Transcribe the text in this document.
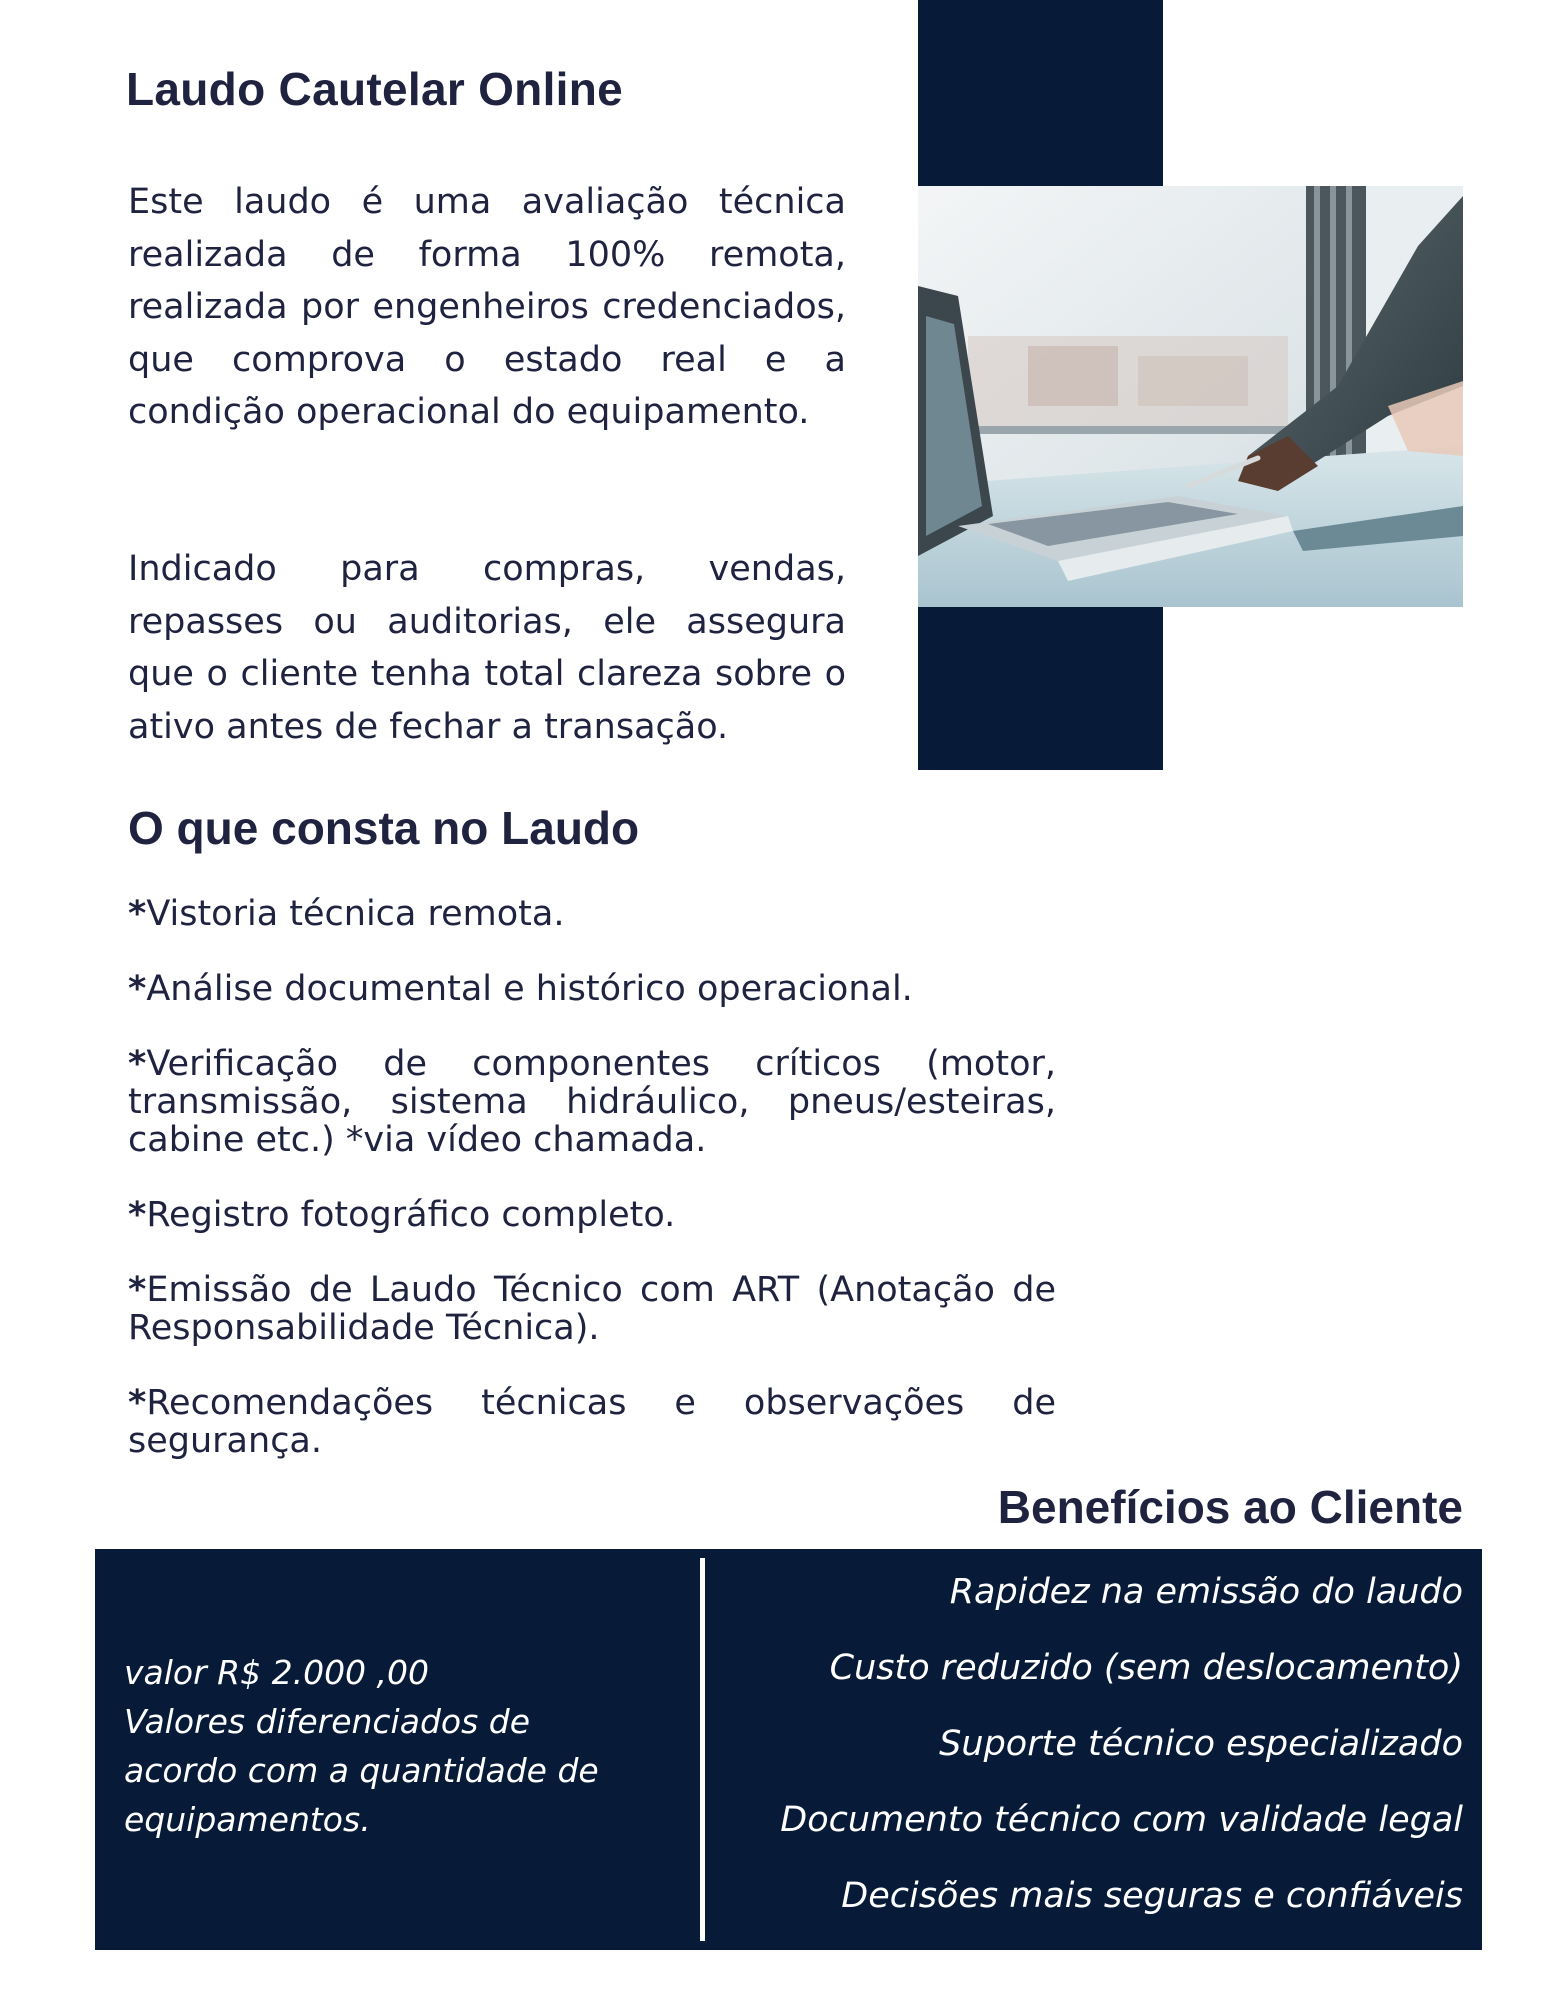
Laudo Cautelar Online

Este laudo é uma avaliação técnica realizada de forma 100% remota, realizada por engenheiros credenciados, que comprova o estado real e a condição operacional do equipamento.

Indicado para compras, vendas, repasses ou auditorias, ele assegura que o cliente tenha total clareza sobre o ativo antes de fechar a transação.

O que consta no Laudo
*Vistoria técnica remota.
*Análise documental e histórico operacional.
*Verificação de componentes críticos (motor, transmissão, sistema hidráulico, pneus/esteiras, cabine etc.) *via vídeo chamada.
*Registro fotográfico completo.
*Emissão de Laudo Técnico com ART (Anotação de Responsabilidade Técnica).
*Recomendações técnicas e observações de segurança.
Benefícios ao Cliente
valor R$ 2.000 ,00
Valores diferenciados de
acordo com a quantidade de
equipamentos.
Rapidez na emissão do laudo
Custo reduzido (sem deslocamento)
Suporte técnico especializado
Documento técnico com validade legal
Decisões mais seguras e confiáveis
